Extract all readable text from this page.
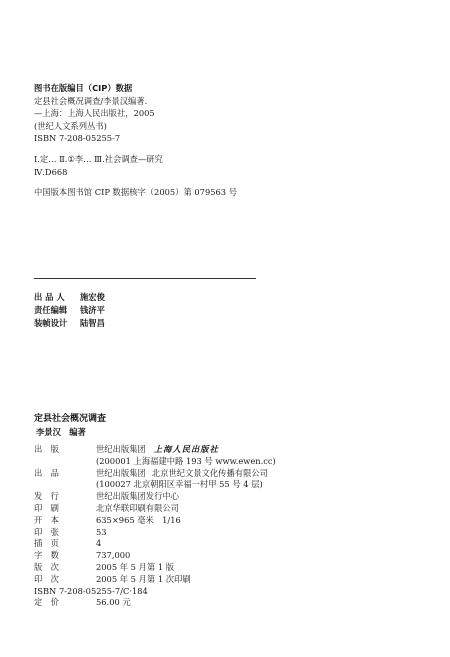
图书在版编目（CIP）数据
定县社会概况调查/李景汉编著.
—上海：上海人民出版社，2005
(世纪人文系列丛书)
ISBN 7-208-05255-7
Ⅰ.定… Ⅱ.①李… Ⅲ.社会调查—研究
Ⅳ.D668
中国版本图书馆 CIP 数据核字（2005）第 079563 号
出 品 人	施宏俊
责任编辑	钱济平
装帧设计	陆智昌
定县社会概况调查
李景汉　编著
出　版	世纪出版集团 上海人民出版社
(200001 上海福建中路 193 号 www.ewen.cc)
出　品	世纪出版集团 北京世纪文景文化传播有限公司
(100027 北京朝阳区幸福一村甲 55 号 4 层)
发　行	世纪出版集团发行中心
印　刷	北京华联印刷有限公司
开　本	635×965 毫米　1/16
印　张	53
插　页	4
字　数	737,000
版　次	2005 年 5 月第 1 版
印　次	2005 年 5 月第 1 次印刷
ISBN 7-208-05255-7/C·184
定　价	56.00 元
